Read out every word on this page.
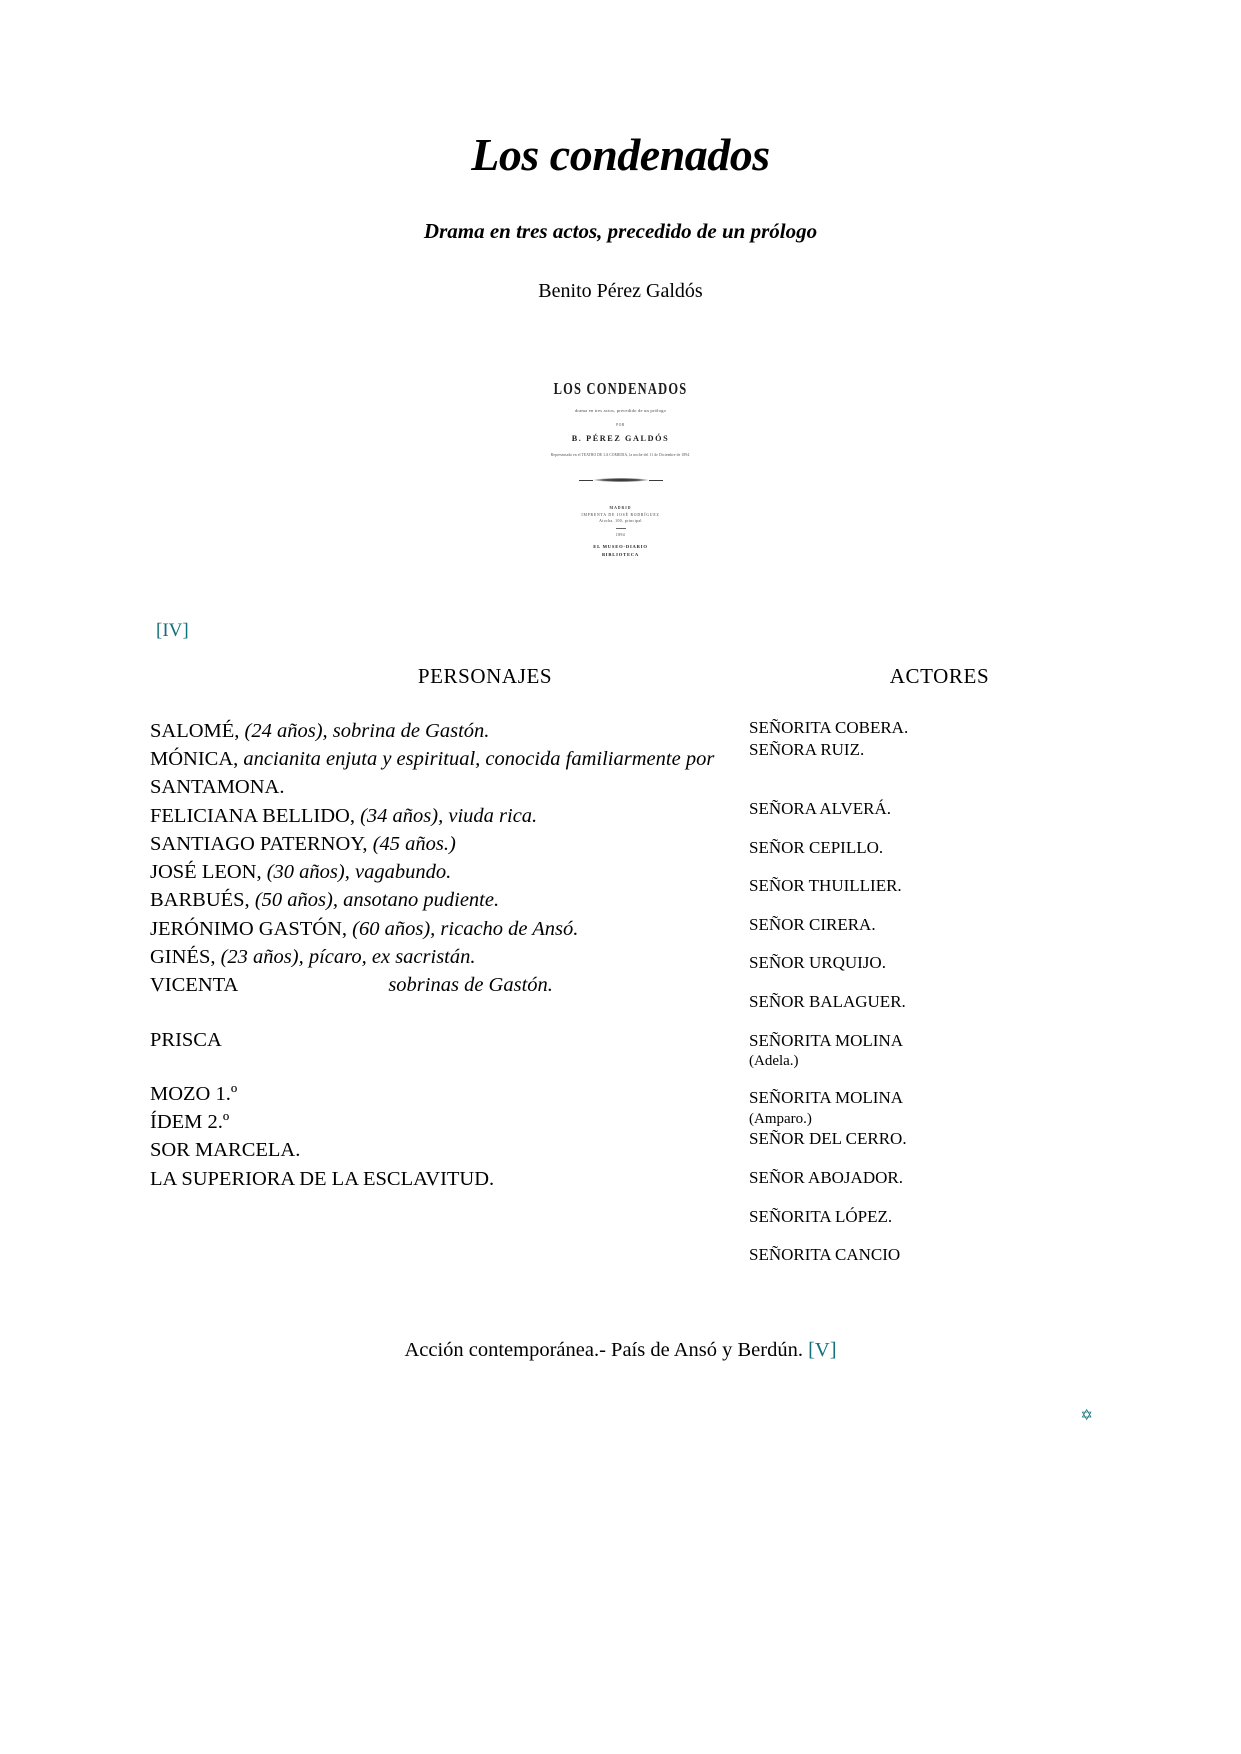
Los condenados
Drama en tres actos, precedido de un prólogo
Benito Pérez Galdós
LOS CONDENADOS
drama en tres actos, precedido de un prólogo
POR
B. PÉREZ GALDÓS
Representada en el TEATRO DE LA COMEDIA, la noche del 11 de Diciembre de 1894.
MADRID
IMPRENTA DE JOSÉ RODRÍGUEZ
Atocha, 100, principal
1894
EL MUSEO-DIARIO
BIBLIOTECA
[IV]
PERSONAJES	ACTORES
SALOMÉ, (24 años), sobrina de Gastón.
MÓNICA, ancianita enjuta y espiritual, conocida familiarmente por SANTAMONA.
FELICIANA BELLIDO, (34 años), viuda rica.
SANTIAGO PATERNOY, (45 años.)
JOSÉ LEON, (30 años), vagabundo.
BARBUÉS, (50 años), ansotano pudiente.
JERÓNIMO GASTÓN, (60 años), ricacho de Ansó.
GINÉS, (23 años), pícaro, ex sacristán.
VICENTA	sobrinas de Gastón.
PRISCA
MOZO 1.º
ÍDEM 2.º
SOR MARCELA.
LA SUPERIORA DE LA ESCLAVITUD.
SEÑORITA COBERA.
SEÑORA RUIZ.
SEÑORA ALVERÁ.
SEÑOR CEPILLO.
SEÑOR THUILLIER.
SEÑOR CIRERA.
SEÑOR URQUIJO.
SEÑOR BALAGUER.
SEÑORITA MOLINA
(Adela.)
SEÑORITA MOLINA
(Amparo.)
SEÑOR DEL CERRO.
SEÑOR ABOJADOR.
SEÑORITA LÓPEZ.
SEÑORITA CANCIO
Acción contemporánea.- País de Ansó y Berdún. [V]
✡
